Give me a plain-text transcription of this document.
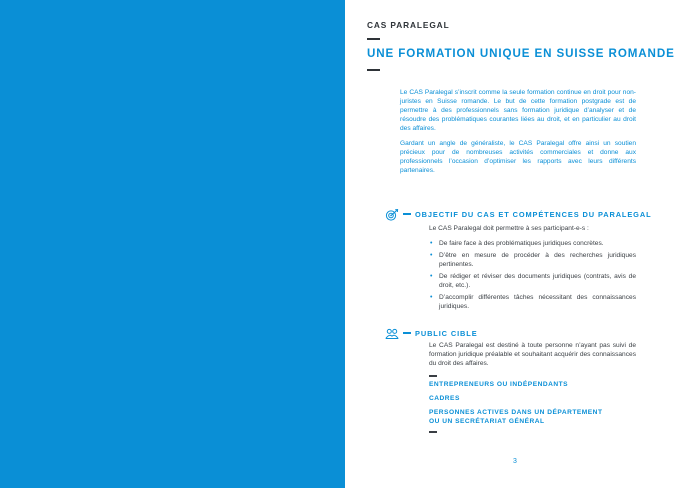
CAS PARALEGAL
UNE FORMATION UNIQUE EN SUISSE ROMANDE

Le CAS Paralegal s’inscrit comme la seule formation continue en droit pour non-juristes en Suisse romande. Le but de cette formation postgrade est de permettre à des professionnels sans formation juridique d’analyser et de résoudre des problématiques courantes liées au droit, et en particulier au droit des affaires.

Gardant un angle de généraliste, le CAS Paralegal offre ainsi un soutien précieux pour de nombreuses activités commerciales et donne aux professionnels l’occasion d’optimiser les rapports avec leurs différents partenaires.

OBJECTIF DU CAS ET COMPÉTENCES DU PARALEGAL
Le CAS Paralegal doit permettre à ses participant-e-s :
• De faire face à des problématiques juridiques concrètes.
• D’être en mesure de procéder à des recherches juridiques pertinentes.
• De rédiger et réviser des documents juridiques (contrats, avis de droit, etc.).
• D’accomplir différentes tâches nécessitant des connaissances juridiques.
PUBLIC CIBLE
Le CAS Paralegal est destiné à toute personne n’ayant pas suivi de formation juridique préalable et souhaitant acquérir des connaissances du droit des affaires.
ENTREPRENEURS OU INDÉPENDANTS
CADRES
PERSONNES ACTIVES DANS UN DÉPARTEMENT
OU UN SECRÉTARIAT GÉNÉRAL
3
